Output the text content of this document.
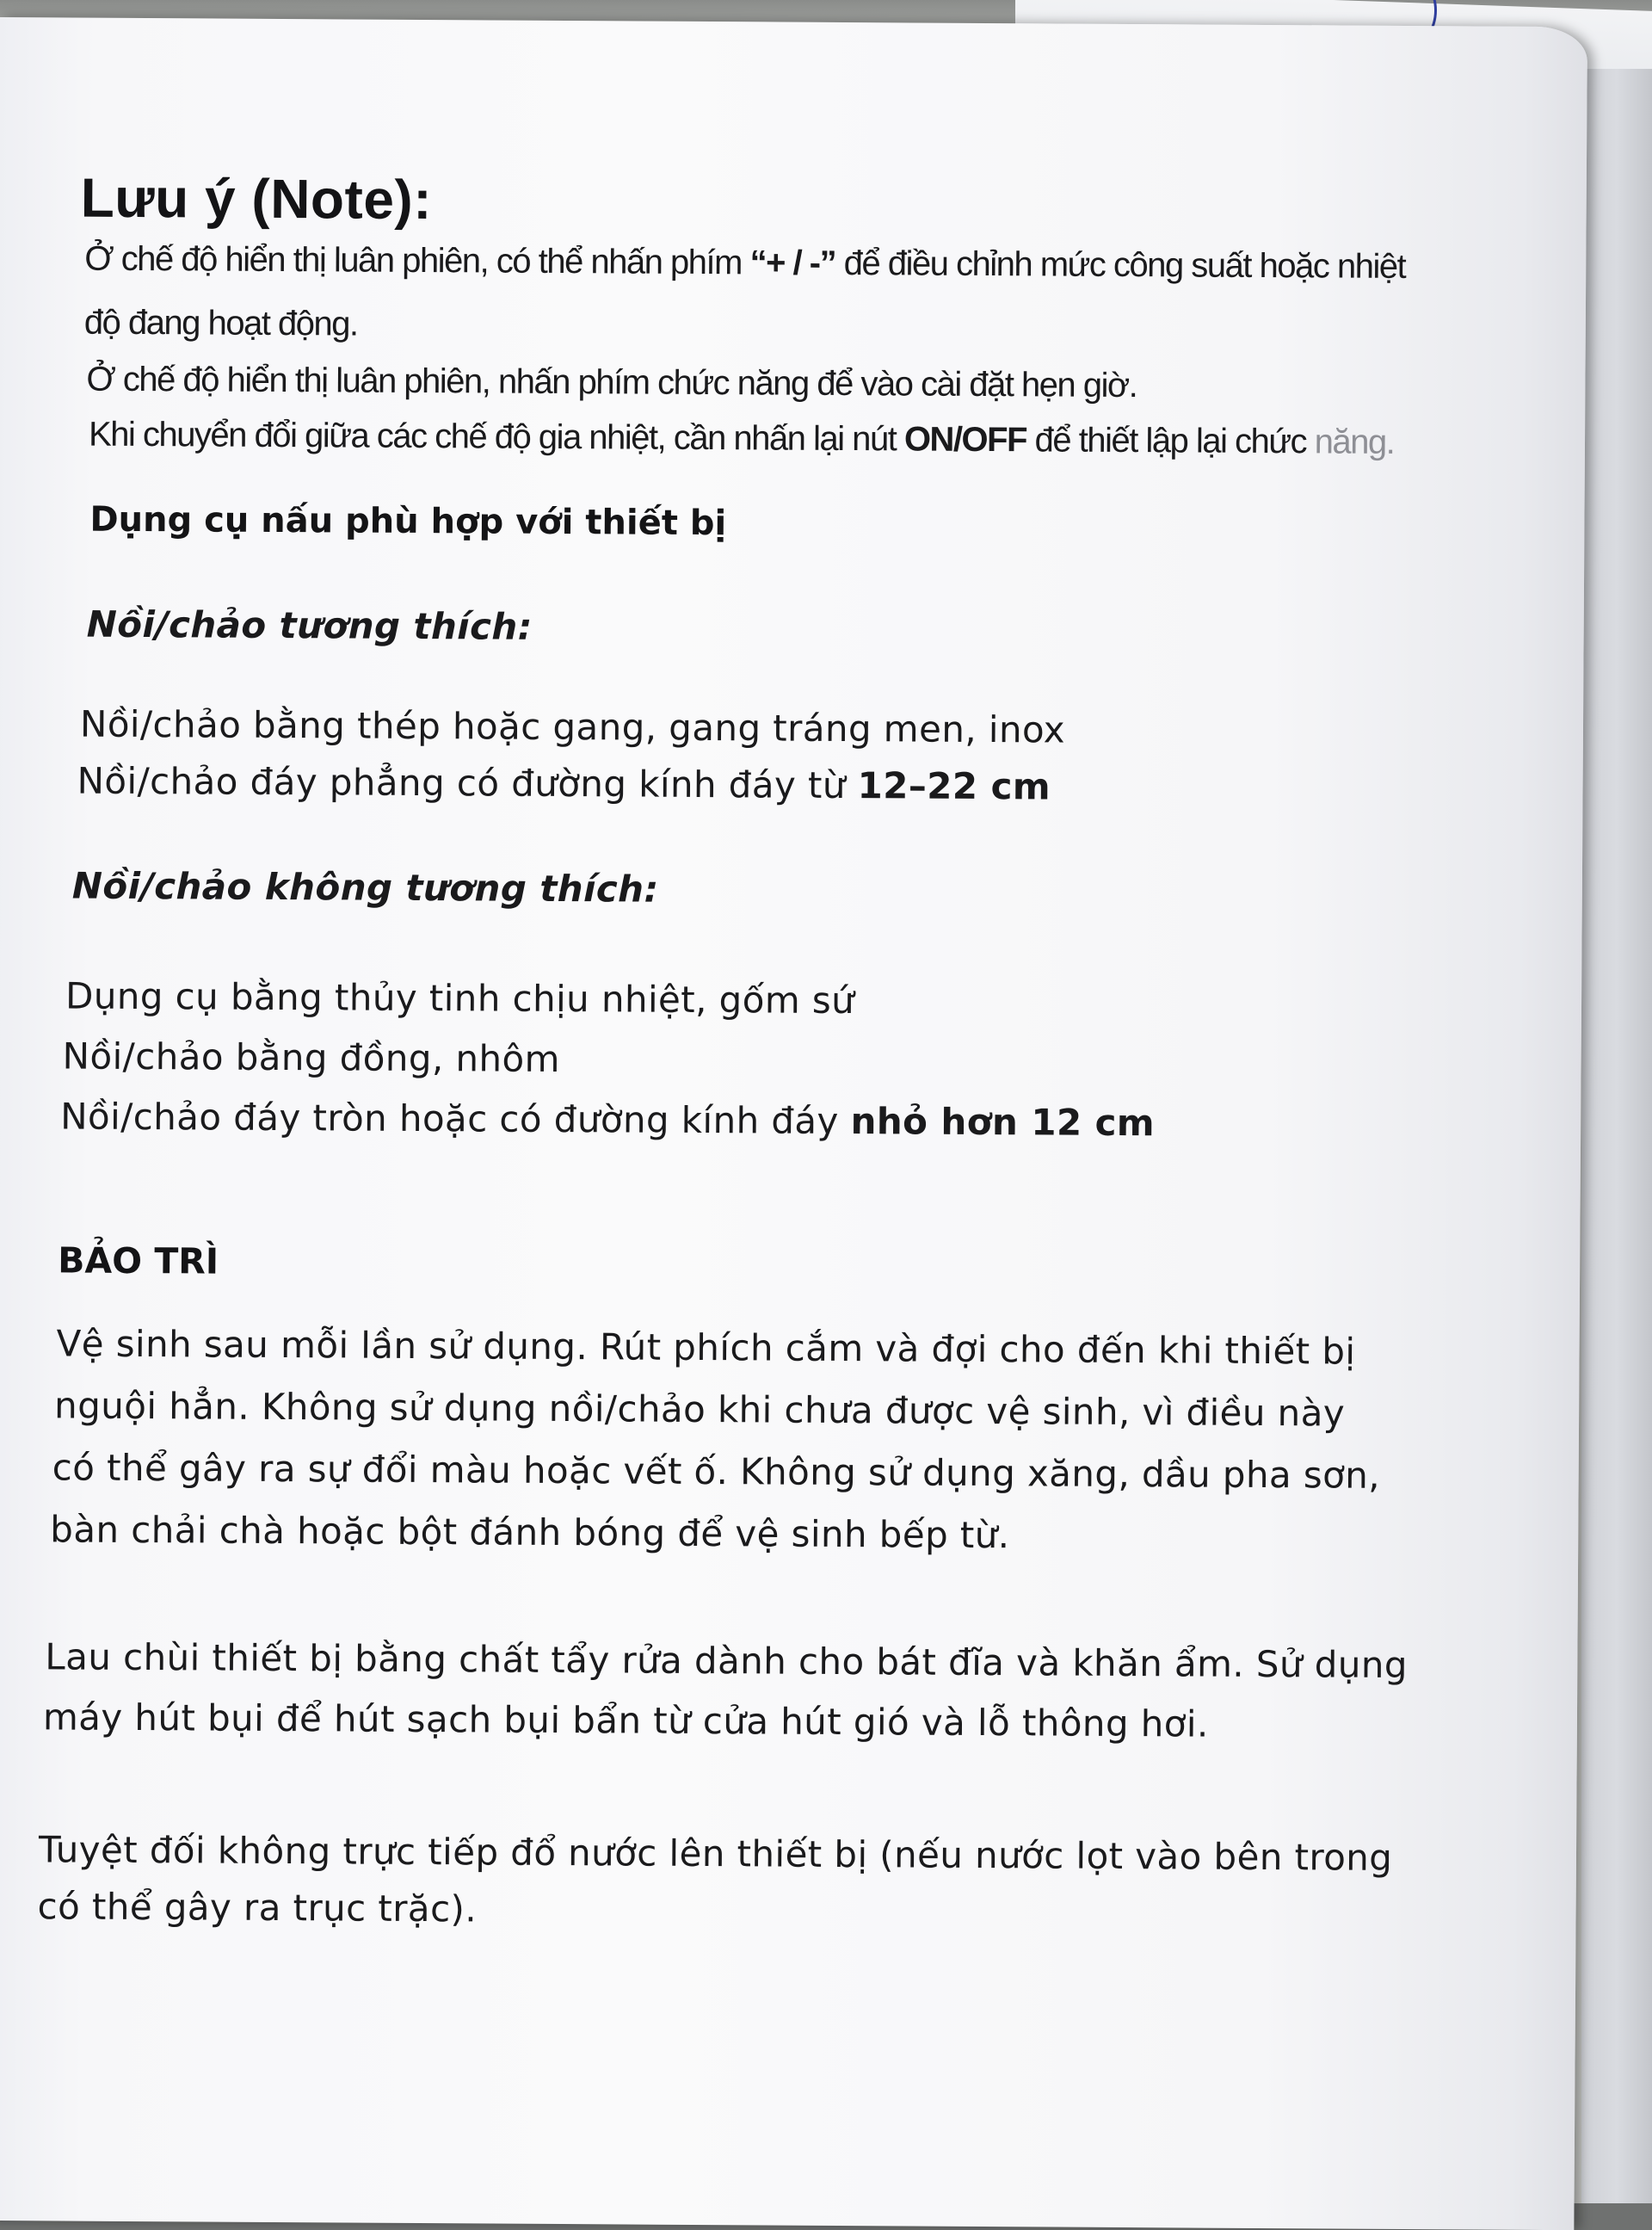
Lưu ý (Note):
Ở chế độ hiển thị luân phiên, có thể nhấn phím “+ / -” để điều chỉnh mức công suất hoặc nhiệt
độ đang hoạt động.
Ở chế độ hiển thị luân phiên, nhấn phím chức năng để vào cài đặt hẹn giờ.
Khi chuyển đổi giữa các chế độ gia nhiệt, cần nhấn lại nút ON/OFF để thiết lập lại chức năng.
Dụng cụ nấu phù hợp với thiết bị
Nồi/chảo tương thích:
Nồi/chảo bằng thép hoặc gang, gang tráng men, inox
Nồi/chảo đáy phẳng có đường kính đáy từ 12–22 cm
Nồi/chảo không tương thích:
Dụng cụ bằng thủy tinh chịu nhiệt, gốm sứ
Nồi/chảo bằng đồng, nhôm
Nồi/chảo đáy tròn hoặc có đường kính đáy nhỏ hơn 12 cm
BẢO TRÌ
Vệ sinh sau mỗi lần sử dụng. Rút phích cắm và đợi cho đến khi thiết bị
nguội hẳn. Không sử dụng nồi/chảo khi chưa được vệ sinh, vì điều này
có thể gây ra sự đổi màu hoặc vết ố. Không sử dụng xăng, dầu pha sơn,
bàn chải chà hoặc bột đánh bóng để vệ sinh bếp từ.
Lau chùi thiết bị bằng chất tẩy rửa dành cho bát đĩa và khăn ẩm. Sử dụng
máy hút bụi để hút sạch bụi bẩn từ cửa hút gió và lỗ thông hơi.
Tuyệt đối không trực tiếp đổ nước lên thiết bị (nếu nước lọt vào bên trong
có thể gây ra trục trặc).
